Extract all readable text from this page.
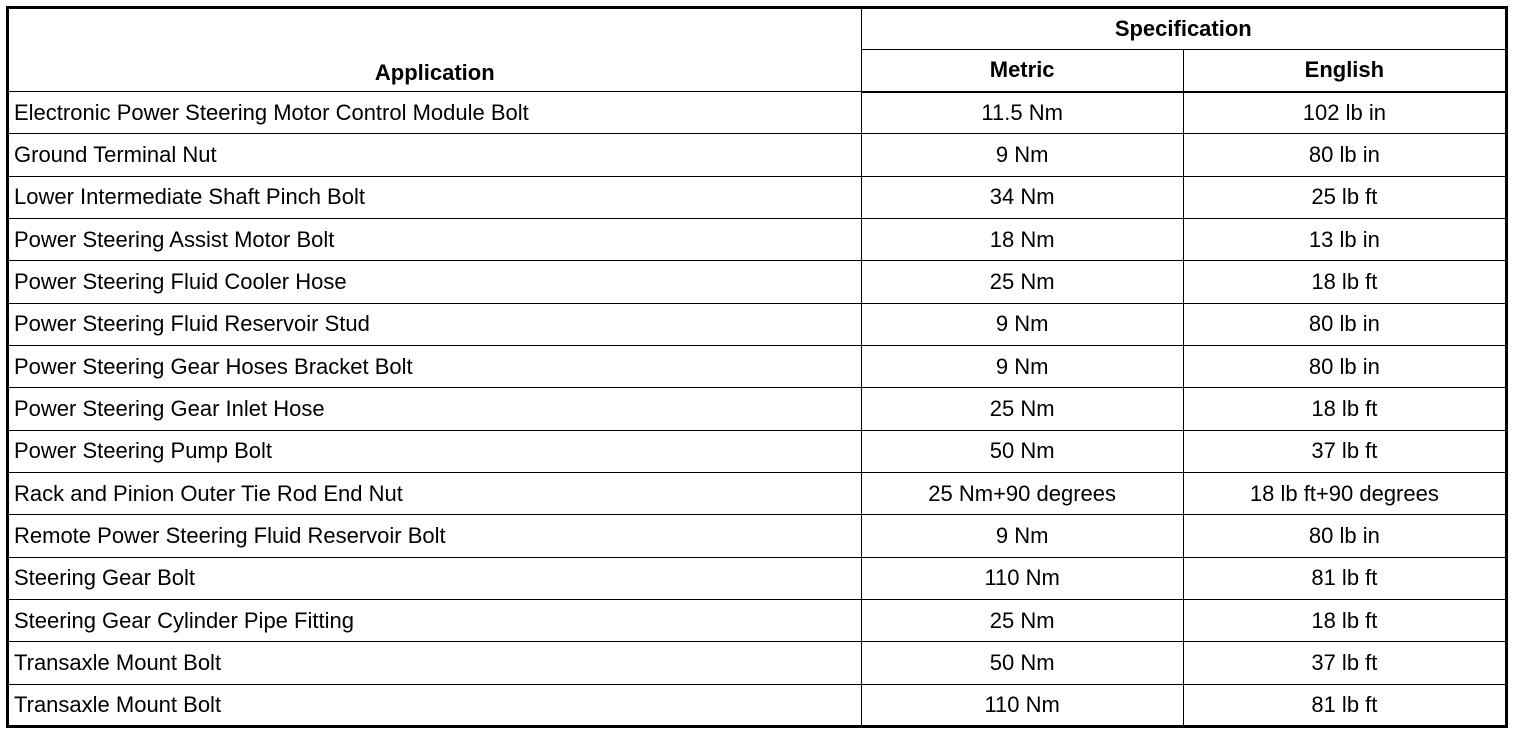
Application	Specification	
	Metric	English
Electronic Power Steering Motor Control Module Bolt	11.5 Nm	102 lb in
Ground Terminal Nut	9 Nm	80 lb in
Lower Intermediate Shaft Pinch Bolt	34 Nm	25 lb ft
Power Steering Assist Motor Bolt	18 Nm	13 lb in
Power Steering Fluid Cooler Hose	25 Nm	18 lb ft
Power Steering Fluid Reservoir Stud	9 Nm	80 lb in
Power Steering Gear Hoses Bracket Bolt	9 Nm	80 lb in
Power Steering Gear Inlet Hose	25 Nm	18 lb ft
Power Steering Pump Bolt	50 Nm	37 lb ft
Rack and Pinion Outer Tie Rod End Nut	25 Nm+90 degrees	18 lb ft+90 degrees
Remote Power Steering Fluid Reservoir Bolt	9 Nm	80 lb in
Steering Gear Bolt	110 Nm	81 lb ft
Steering Gear Cylinder Pipe Fitting	25 Nm	18 lb ft
Transaxle Mount Bolt	50 Nm	37 lb ft
Transaxle Mount Bolt	110 Nm	81 lb ft
